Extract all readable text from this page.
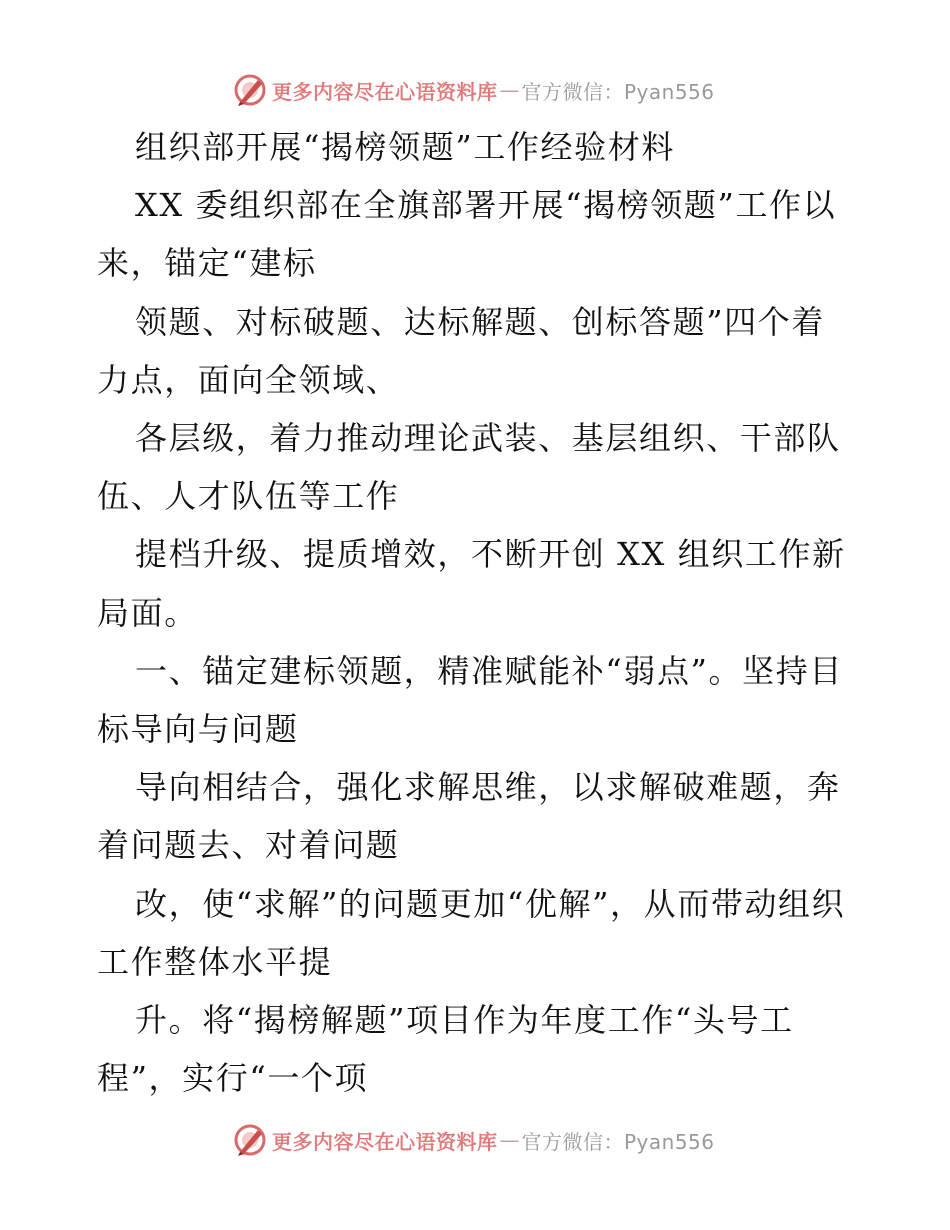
更多内容尽在心语资料库 — 官方微信：Pyan556

组织部开展“揭榜领题”工作经验材料

XX 委组织部在全旗部署开展“揭榜领题”工作以来，锚定“建标

领题、对标破题、达标解题、创标答题”四个着力点，面向全领域、

各层级，着力推动理论武装、基层组织、干部队伍、人才队伍等工作

提档升级、提质增效，不断开创 XX 组织工作新局面。

一、锚定建标领题，精准赋能补“弱点”。坚持目标导向与问题

导向相结合，强化求解思维，以求解破难题，奔着问题去、对着问题

改，使“求解”的问题更加“优解”，从而带动组织工作整体水平提

升。将“揭榜解题”项目作为年度工作“头号工程”，实行“一个项

更多内容尽在心语资料库 — 官方微信：Pyan556
